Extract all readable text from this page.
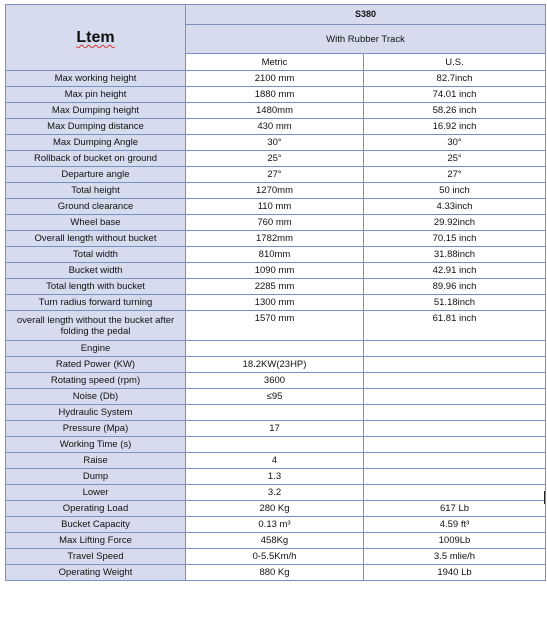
Ltem	S380	
	With Rubber Track	
	Metric	U.S.
Max working height	2100 mm	82.7inch
Max pin height	1880 mm	74.01 inch
Max Dumping height	1480mm	58.26 inch
Max Dumping distance	430 mm	16.92 inch
Max Dumping Angle	30°	30°
Rollback of bucket on ground	25°	25°
Departure angle	27°	27°
Total height	1270mm	50 inch
Ground clearance	110 mm	4.33inch
Wheel base	760 mm	29.92inch
Overall length without bucket	1782mm	70.15 inch
Total width	810mm	31.88inch
Bucket width	1090 mm	42.91 inch
Total length with bucket	2285 mm	89.96 inch
Turn radius forward turning	1300 mm	51.18inch
overall length without the bucket after folding the pedal	1570 mm	61.81 inch
Engine		
Rated Power (KW)	18.2KW(23HP)	
Rotating speed (rpm)	3600	
Noise (Db)	≤95	
Hydraulic System		
Pressure (Mpa)	17	
Working Time (s)		
Raise	4	
Dump	1.3	
Lower	3.2	
Operating Load	280 Kg	617 Lb
Bucket Capacity	0.13 m³	4.59 ft³
Max Lifting Force	458Kg	1009Lb
Travel Speed	0-5.5Km/h	3.5 mlie/h
Operating Weight	880 Kg	1940 Lb
